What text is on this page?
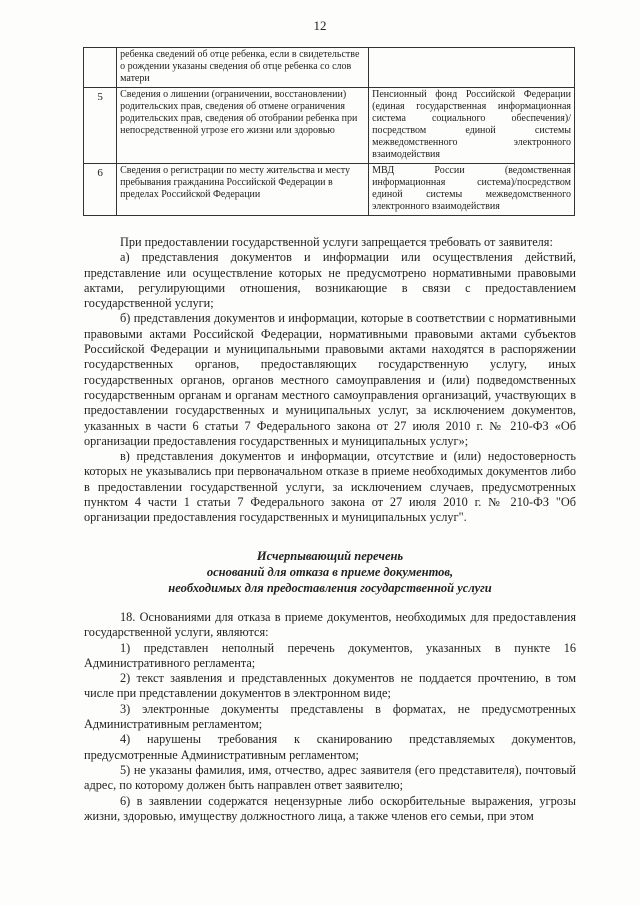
12
	ребенка сведений об отце ребенка, если в свидетельстве о рождении указаны сведения об отце ребенка со слов матери	
5	Сведения о лишении (ограничении, восстановлении) родительских прав, сведения об отмене ограничения родительских прав, сведения об отобрании ребенка при непосредственной угрозе его жизни или здоровью	Пенсионный фонд Российской Федерации (единая государственная информационная система социального обеспечения)/посредством единой системы межведомственного электронного взаимодействия
6	Сведения о регистрации по месту жительства и месту пребывания гражданина Российской Федерации в пределах Российской Федерации	МВД России (ведомственная информационная система)/посредством единой системы межведомственного электронного взаимодействия

При предоставлении государственной услуги запрещается требовать от заявителя:

а) представления документов и информации или осуществления действий, представление или осуществление которых не предусмотрено нормативными правовыми актами, регулирующими отношения, возникающие в связи с предоставлением государственной услуги;

б) представления документов и информации, которые в соответствии с нормативными правовыми актами Российской Федерации, нормативными правовыми актами субъектов Российской Федерации и муниципальными правовыми актами находятся в распоряжении государственных органов, предоставляющих государственную услугу, иных государственных органов, органов местного самоуправления и (или) подведомственных государственным органам и органам местного самоуправления организаций, участвующих в предоставлении государственных и муниципальных услуг, за исключением документов, указанных в части 6 статьи 7 Федерального закона от 27 июля 2010 г. № 210-ФЗ «Об организации предоставления государственных и муниципальных услуг»;

в) представления документов и информации, отсутствие и (или) недостоверность которых не указывались при первоначальном отказе в приеме необходимых документов либо в предоставлении государственной услуги, за исключением случаев, предусмотренных пунктом 4 части 1 статьи 7 Федерального закона от 27 июля 2010 г. № 210-ФЗ "Об организации предоставления государственных и муниципальных услуг".

Исчерпывающий перечень
оснований для отказа в приеме документов,
необходимых для предоставления государственной услуги

18. Основаниями для отказа в приеме документов, необходимых для предоставления государственной услуги, являются:

1) представлен неполный перечень документов, указанных в пункте 16 Административного регламента;

2) текст заявления и представленных документов не поддается прочтению, в том числе при представлении документов в электронном виде;

3) электронные документы представлены в форматах, не предусмотренных Административным регламентом;

4) нарушены требования к сканированию представляемых документов, предусмотренные Административным регламентом;

5) не указаны фамилия, имя, отчество, адрес заявителя (его представителя), почтовый адрес, по которому должен быть направлен ответ заявителю;

6) в заявлении содержатся нецензурные либо оскорбительные выражения, угрозы жизни, здоровью, имуществу должностного лица, а также членов его семьи, при этом
